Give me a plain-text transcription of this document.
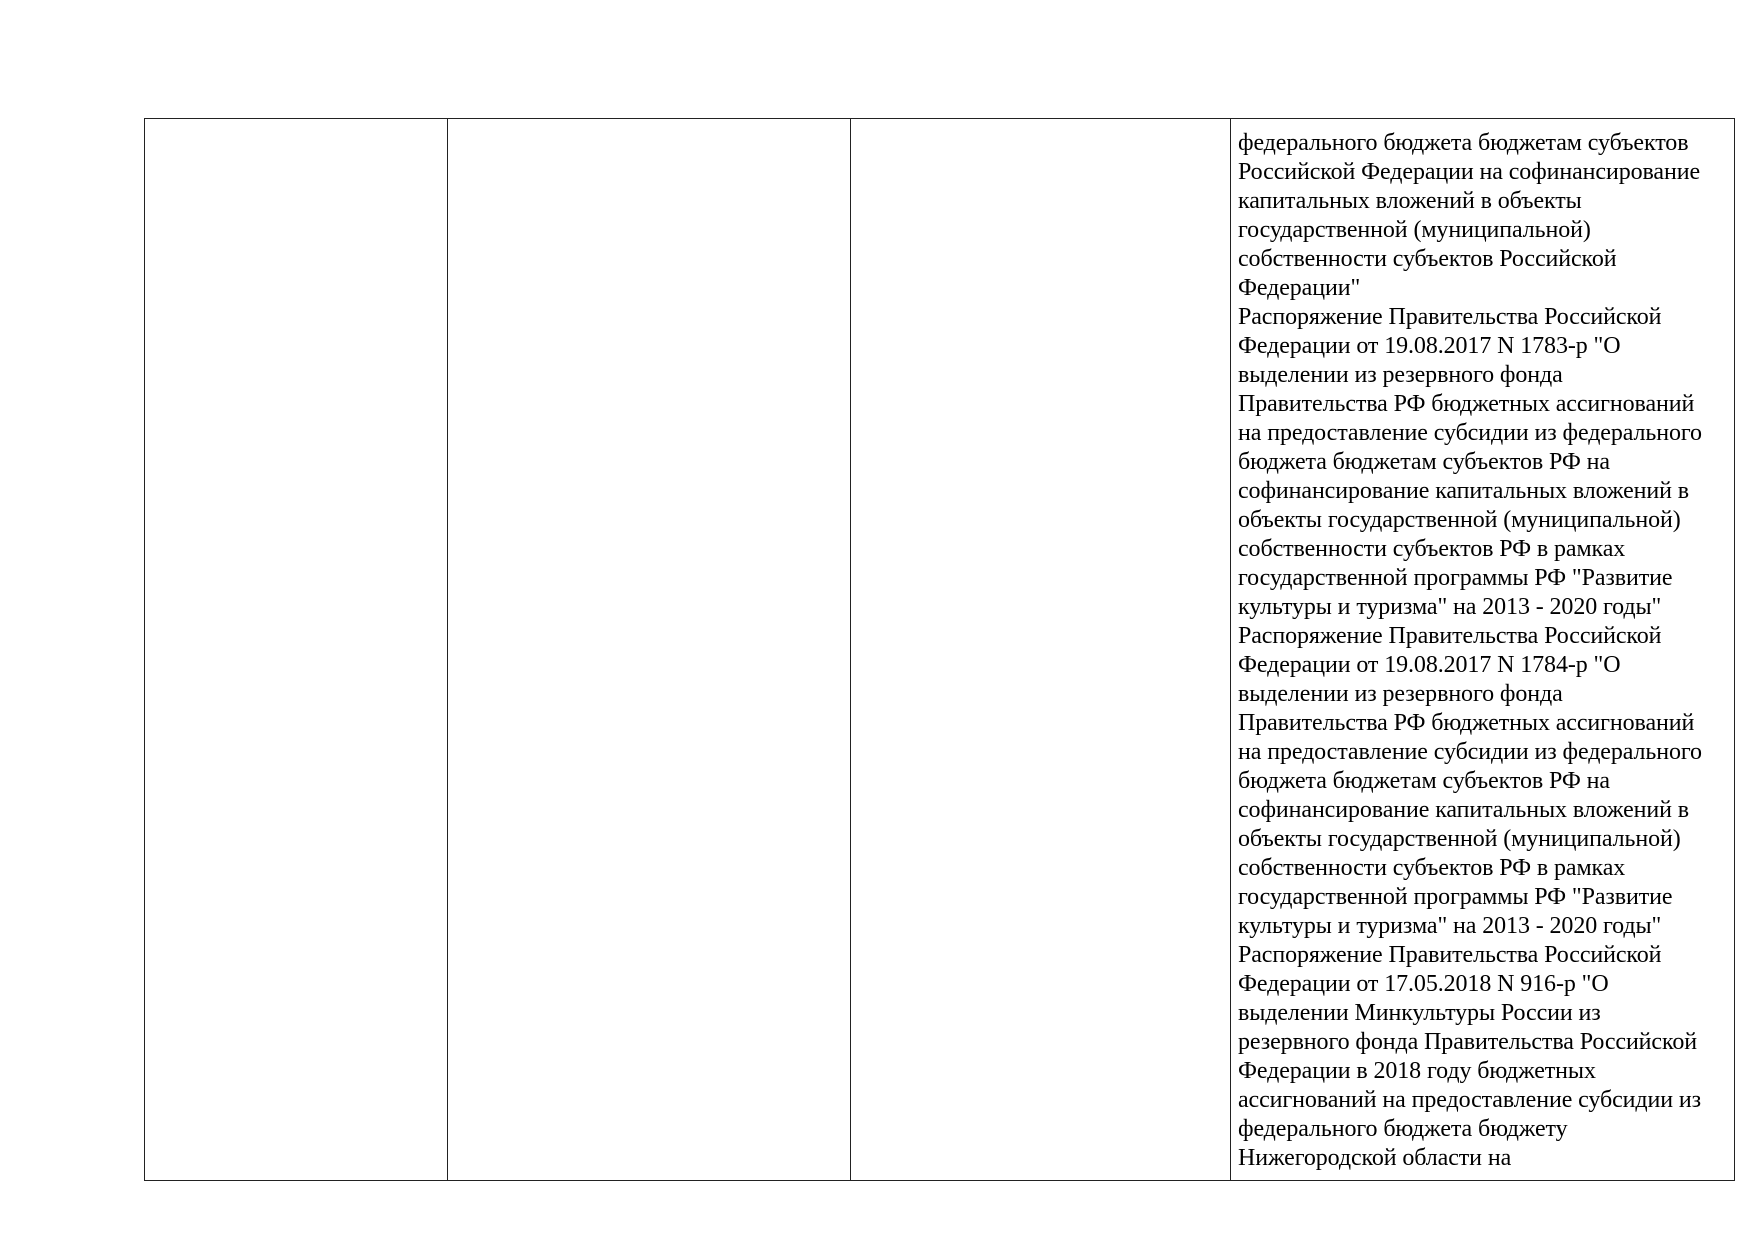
федерального бюджета бюджетам субъектов
Российской Федерации на софинансирование
капитальных вложений в объекты
государственной (муниципальной)
собственности субъектов Российской
Федерации"
Распоряжение Правительства Российской
Федерации от 19.08.2017 N 1783-р "О
выделении из резервного фонда
Правительства РФ бюджетных ассигнований
на предоставление субсидии из федерального
бюджета бюджетам субъектов РФ на
софинансирование капитальных вложений в
объекты государственной (муниципальной)
собственности субъектов РФ в рамках
государственной программы РФ "Развитие
культуры и туризма" на 2013 - 2020 годы"
Распоряжение Правительства Российской
Федерации от 19.08.2017 N 1784-р "О
выделении из резервного фонда
Правительства РФ бюджетных ассигнований
на предоставление субсидии из федерального
бюджета бюджетам субъектов РФ на
софинансирование капитальных вложений в
объекты государственной (муниципальной)
собственности субъектов РФ в рамках
государственной программы РФ "Развитие
культуры и туризма" на 2013 - 2020 годы"
Распоряжение Правительства Российской
Федерации от 17.05.2018 N 916-р "О
выделении Минкультуры России из
резервного фонда Правительства Российской
Федерации в 2018 году бюджетных
ассигнований на предоставление субсидии из
федерального бюджета бюджету
Нижегородской области на
